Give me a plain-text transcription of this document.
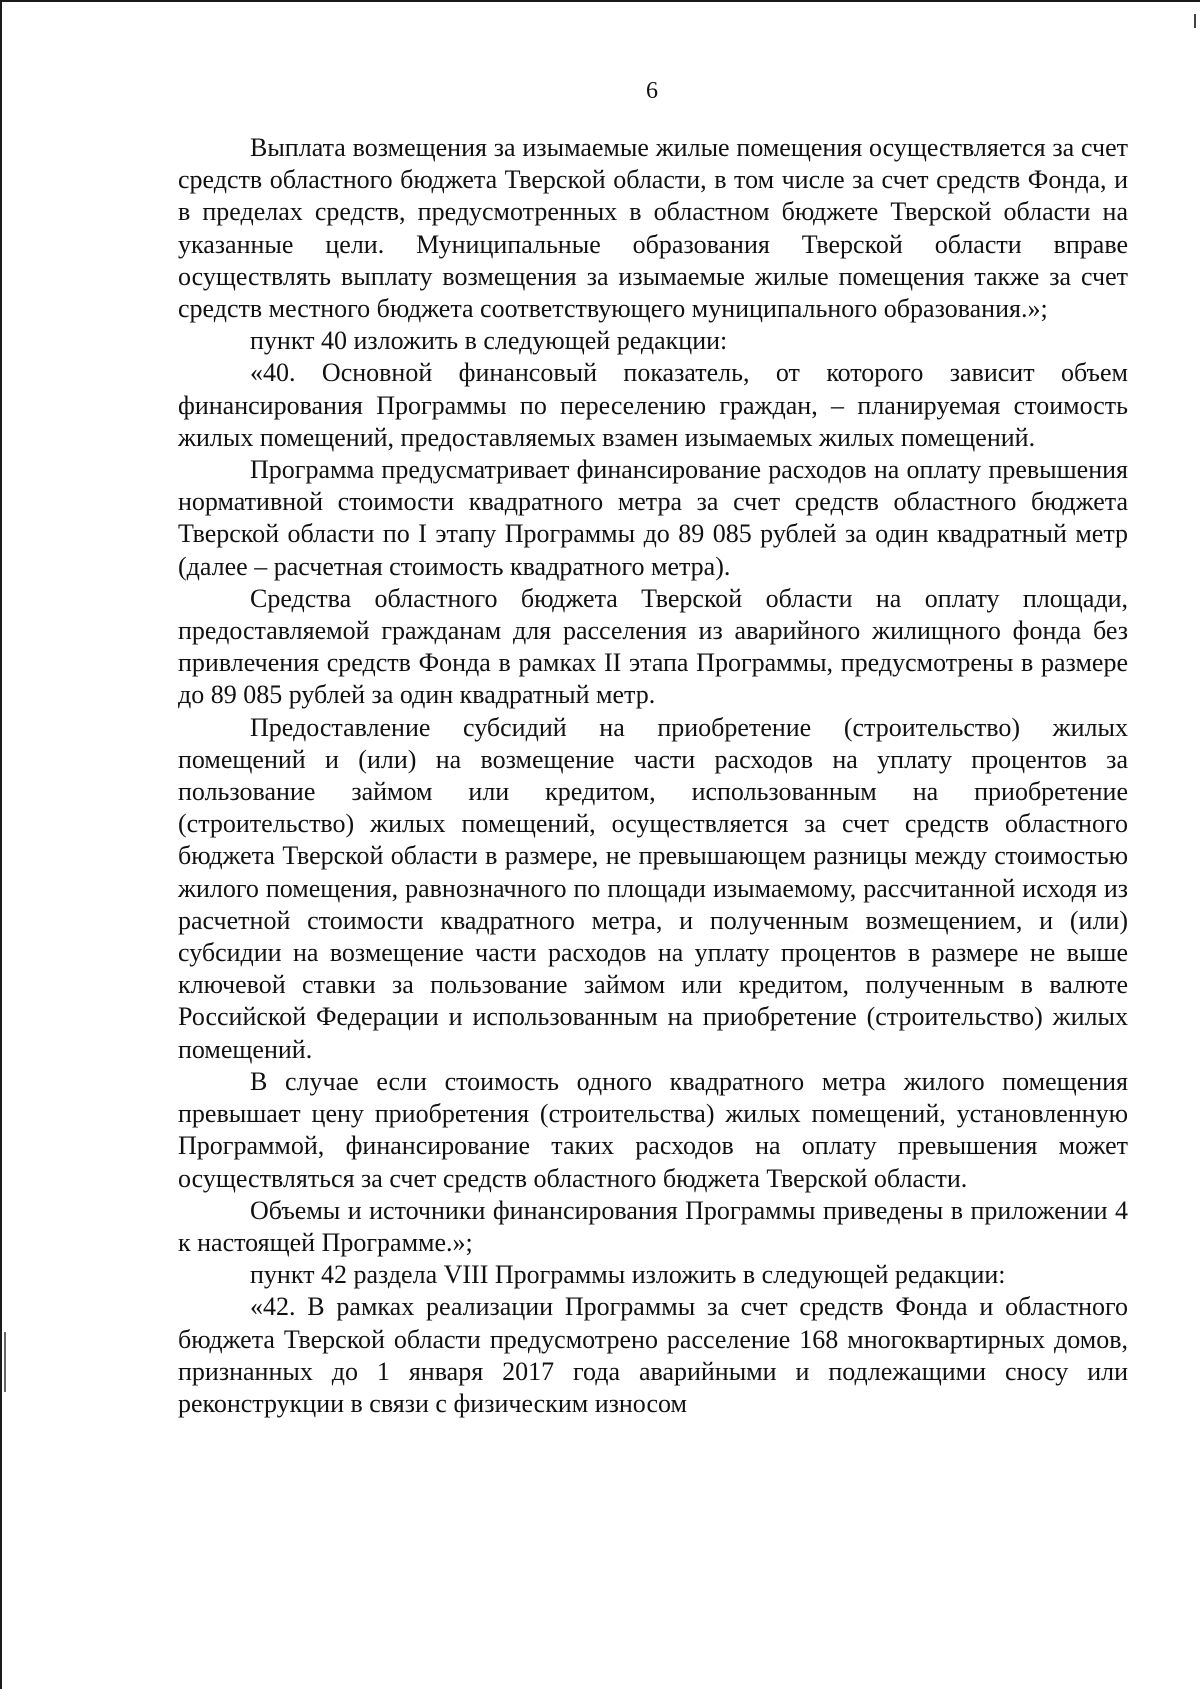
6

Выплата возмещения за изымаемые жилые помещения осуществляется за счет средств областного бюджета Тверской области, в том числе за счет средств Фонда, и в пределах средств, предусмотренных в областном бюджете Тверской области на указанные цели. Муниципальные образования Тверской области вправе осуществлять выплату возмещения за изымаемые жилые помещения также за счет средств местного бюджета соответствующего муниципального образования.»;

пункт 40 изложить в следующей редакции:

«40. Основной финансовый показатель, от которого зависит объем финансирования Программы по переселению граждан, – планируемая стоимость жилых помещений, предоставляемых взамен изымаемых жилых помещений.

Программа предусматривает финансирование расходов на оплату превышения нормативной стоимости квадратного метра за счет средств областного бюджета Тверской области по I этапу Программы до 89 085 рублей за один квадратный метр (далее – расчетная стоимость квадратного метра).

Средства областного бюджета Тверской области на оплату площади, предоставляемой гражданам для расселения из аварийного жилищного фонда без привлечения средств Фонда в рамках II этапа Программы, предусмотрены в размере до 89 085 рублей за один квадратный метр.

Предоставление субсидий на приобретение (строительство) жилых помещений и (или) на возмещение части расходов на уплату процентов за пользование займом или кредитом, использованным на приобретение (строительство) жилых помещений, осуществляется за счет средств областного бюджета Тверской области в размере, не превышающем разницы между стоимостью жилого помещения, равнозначного по площади изымаемому, рассчитанной исходя из расчетной стоимости квадратного метра, и полученным возмещением, и (или) субсидии на возмещение части расходов на уплату процентов в размере не выше ключевой ставки за пользование займом или кредитом, полученным в валюте Российской Федерации и использованным на приобретение (строительство) жилых помещений.

В случае если стоимость одного квадратного метра жилого помещения превышает цену приобретения (строительства) жилых помещений, установленную Программой, финансирование таких расходов на оплату превышения может осуществляться за счет средств областного бюджета Тверской области.

Объемы и источники финансирования Программы приведены в приложении 4 к настоящей Программе.»;

пункт 42 раздела VIII Программы изложить в следующей редакции:

«42. В рамках реализации Программы за счет средств Фонда и областного бюджета Тверской области предусмотрено расселение 168 многоквартирных домов, признанных до 1 января 2017 года аварийными и подлежащими сносу или реконструкции в связи с физическим износом
